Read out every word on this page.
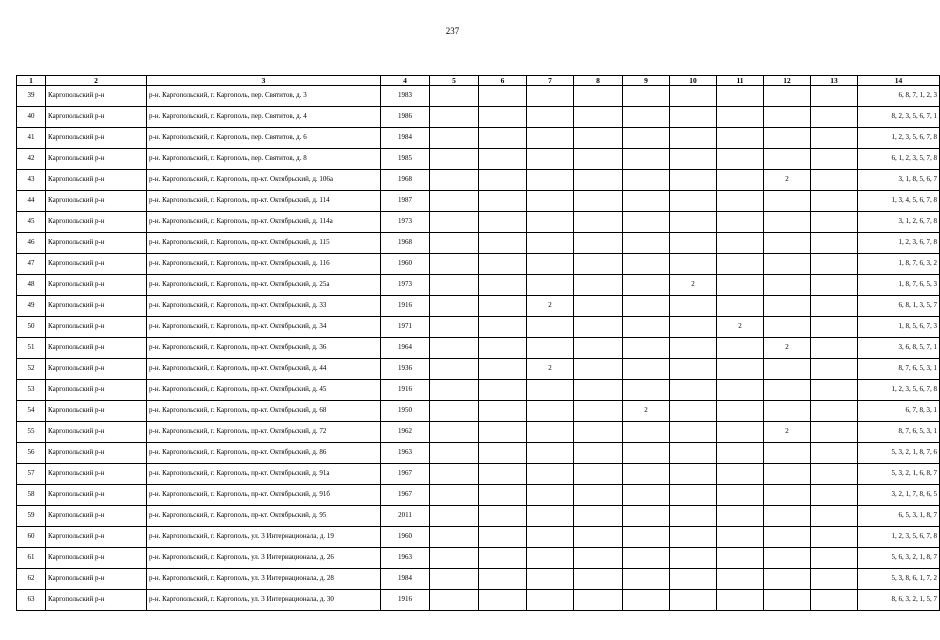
237
1	2	3	4	5	6	7	8	9	10	11	12	13	14
39	Каргопольский р-н	р-н. Каргопольский, г. Каргополь, пер. Святитов, д. 3	1983										6, 8, 7, 1, 2, 3
40	Каргопольский р-н	р-н. Каргопольский, г. Каргополь, пер. Святитов, д. 4	1986										8, 2, 3, 5, 6, 7, 1
41	Каргопольский р-н	р-н. Каргопольский, г. Каргополь, пер. Святитов, д. 6	1984										1, 2, 3, 5, 6, 7, 8
42	Каргопольский р-н	р-н. Каргопольский, г. Каргополь, пер. Святитов, д. 8	1985										6, 1, 2, 3, 5, 7, 8
43	Каргопольский р-н	р-н. Каргопольский, г. Каргополь, пр-кт. Октябрьский, д. 106а	1968								2		3, 1, 8, 5, 6, 7
44	Каргопольский р-н	р-н. Каргопольский, г. Каргополь, пр-кт. Октябрьский, д. 114	1987										1, 3, 4, 5, 6, 7, 8
45	Каргопольский р-н	р-н. Каргопольский, г. Каргополь, пр-кт. Октябрьский, д. 114а	1973										3, 1, 2, 6, 7, 8
46	Каргопольский р-н	р-н. Каргопольский, г. Каргополь, пр-кт. Октябрьский, д. 115	1968										1, 2, 3, 6, 7, 8
47	Каргопольский р-н	р-н. Каргопольский, г. Каргополь, пр-кт. Октябрьский, д. 116	1960										1, 8, 7, 6, 3, 2
48	Каргопольский р-н	р-н. Каргопольский, г. Каргополь, пр-кт. Октябрьский, д. 25а	1973						2				1, 8, 7, 6, 5, 3
49	Каргопольский р-н	р-н. Каргопольский, г. Каргополь, пр-кт. Октябрьский, д. 33	1916			2							6, 8, 1, 3, 5, 7
50	Каргопольский р-н	р-н. Каргопольский, г. Каргополь, пр-кт. Октябрьский, д. 34	1971							2			1, 8, 5, 6, 7, 3
51	Каргопольский р-н	р-н. Каргопольский, г. Каргополь, пр-кт. Октябрьский, д. 36	1964								2		3, 6, 8, 5, 7, 1
52	Каргопольский р-н	р-н. Каргопольский, г. Каргополь, пр-кт. Октябрьский, д. 44	1936			2							8, 7, 6, 5, 3, 1
53	Каргопольский р-н	р-н. Каргопольский, г. Каргополь, пр-кт. Октябрьский, д. 45	1916										1, 2, 3, 5, 6, 7, 8
54	Каргопольский р-н	р-н. Каргопольский, г. Каргополь, пр-кт. Октябрьский, д. 68	1950					2					6, 7, 8, 3, 1
55	Каргопольский р-н	р-н. Каргопольский, г. Каргополь, пр-кт. Октябрьский, д. 72	1962								2		8, 7, 6, 5, 3, 1
56	Каргопольский р-н	р-н. Каргопольский, г. Каргополь, пр-кт. Октябрьский, д. 86	1963										5, 3, 2, 1, 8, 7, 6
57	Каргопольский р-н	р-н. Каргопольский, г. Каргополь, пр-кт. Октябрьский, д. 91а	1967										5, 3, 2, 1, 6, 8, 7
58	Каргопольский р-н	р-н. Каргопольский, г. Каргополь, пр-кт. Октябрьский, д. 91б	1967										3, 2, 1, 7, 8, 6, 5
59	Каргопольский р-н	р-н. Каргопольский, г. Каргополь, пр-кт. Октябрьский, д. 95	2011										6, 5, 3, 1, 8, 7
60	Каргопольский р-н	р-н. Каргопольский, г. Каргополь, ул. 3 Интернационала, д. 19	1960										1, 2, 3, 5, 6, 7, 8
61	Каргопольский р-н	р-н. Каргопольский, г. Каргополь, ул. 3 Интернационала, д. 26	1963										5, 6, 3, 2, 1, 8, 7
62	Каргопольский р-н	р-н. Каргопольский, г. Каргополь, ул. 3 Интернационала, д. 28	1984										5, 3, 8, 6, 1, 7, 2
63	Каргопольский р-н	р-н. Каргопольский, г. Каргополь, ул. 3 Интернационала, д. 30	1916										8, 6, 3, 2, 1, 5, 7
